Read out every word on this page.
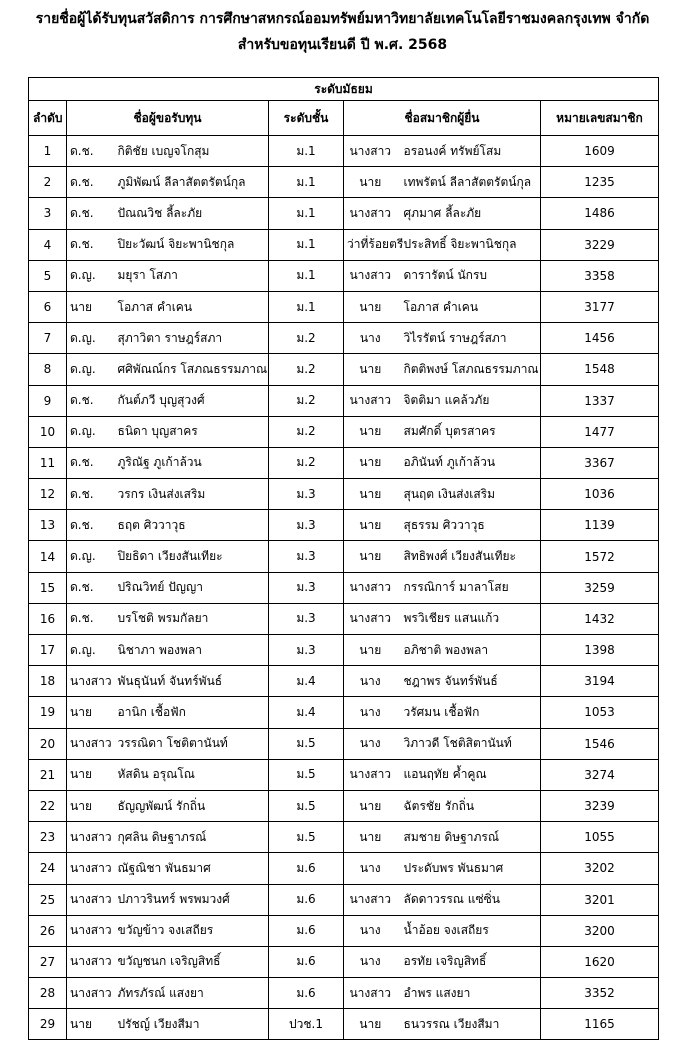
รายชื่อผู้ได้รับทุนสวัสดิการ การศึกษาสหกรณ์ออมทรัพย์มหาวิทยาลัยเทคโนโลยีราชมงคลกรุงเทพ จำกัด
สำหรับขอทุนเรียนดี ปี พ.ศ. 2568
ระดับมัธยม						
ลำดับ	ชื่อผู้ขอรับทุน		ระดับชั้น	ชื่อสมาชิกผู้ยื่น		หมายเลขสมาชิก
1	ด.ช.	กิติชัย เบญจโกสุม	ม.1	นางสาว	อรอนงค์ ทรัพย์โสม	1609
2	ด.ช.	ภูมิพัฒน์ ลีลาสัตตรัตน์กุล	ม.1	นาย	เทพรัตน์ ลีลาสัตตรัตน์กุล	1235
3	ด.ช.	ปัณณวิช ลี้ละภัย	ม.1	นางสาว	ศุภมาศ ลี้ละภัย	1486
4	ด.ช.	ปิยะวัฒน์ จิยะพานิชกุล	ม.1	ว่าที่ร้อยตรี	ประสิทธิ์ จิยะพานิชกุล	3229
5	ด.ญ.	มยุรา โสภา	ม.1	นางสาว	ดารารัตน์ นักรบ	3358
6	นาย	โอภาส คำเคน	ม.1	นาย	โอภาส คำเคน	3177
7	ด.ญ.	สุภาวิตา ราษฎร์สภา	ม.2	นาง	วิไรรัตน์ ราษฎร์สภา	1456
8	ด.ญ.	ศศิพัณณ์กร โสภณธรรมภาณ	ม.2	นาย	กิตติพงษ์ โสภณธรรมภาณ	1548
9	ด.ช.	กันต์ภวี บุญสุวงศ์	ม.2	นางสาว	จิตติมา แคล้วภัย	1337
10	ด.ญ.	ธนิดา บุญสาคร	ม.2	นาย	สมศักดิ์ บุตรสาคร	1477
11	ด.ช.	ภูริณัฐ ภูเก้าล้วน	ม.2	นาย	อภินันท์ ภูเก้าล้วน	3367
12	ด.ช.	วรกร เงินส่งเสริม	ม.3	นาย	สุนฤต เงินส่งเสริม	1036
13	ด.ช.	ธฤต ศิววาวุธ	ม.3	นาย	สุธรรม ศิววาวุธ	1139
14	ด.ญ.	ปิยธิดา เวียงสันเทียะ	ม.3	นาย	สิทธิพงศ์ เวียงสันเทียะ	1572
15	ด.ช.	ปริณวิทย์ ปัญญา	ม.3	นางสาว	กรรณิการ์ มาลาโสย	3259
16	ด.ช.	บรโชติ พรมกัลยา	ม.3	นางสาว	พรวิเชียร แสนแก้ว	1432
17	ด.ญ.	นิชาภา พองพลา	ม.3	นาย	อภิชาติ พองพลา	1398
18	นางสาว	พันธุนันท์ จันทร์พันธ์	ม.4	นาง	ชฎาพร จันทร์พันธ์	3194
19	นาย	อานิก เชื้อฟัก	ม.4	นาง	วรัศมน เชื้อฟัก	1053
20	นางสาว	วรรณิดา โชติตานันท์	ม.5	นาง	วิภาวดี โชติสิตานันท์	1546
21	นาย	หัสดิน อรุณโณ	ม.5	นางสาว	แอนฤทัย ค้ำคูณ	3274
22	นาย	ธัญญพัฒน์ รักถิ่น	ม.5	นาย	ฉัตรชัย รักถิ่น	3239
23	นางสาว	กุศลิน ดิษฐาภรณ์	ม.5	นาย	สมชาย ดิษฐาภรณ์	1055
24	นางสาว	ณัฐณิชา พันธมาศ	ม.6	นาง	ประดับพร พันธมาศ	3202
25	นางสาว	ปภาวรินทร์ พรพมวงศ์	ม.6	นางสาว	ลัดดาวรรณ แซ่ซิ่น	3201
26	นางสาว	ขวัญข้าว จงเสถียร	ม.6	นาง	น้ำอ้อย จงเสถียร	3200
27	นางสาว	ขวัญชนก เจริญสิทธิ์	ม.6	นาง	อรทัย เจริญสิทธิ์	1620
28	นางสาว	ภัทรภัรณ์ แสงยา	ม.6	นางสาว	อำพร แสงยา	3352
29	นาย	ปรัชญ์ เวียงสีมา	ปวช.1	นาย	ธนวรรณ เวียงสีมา	1165
